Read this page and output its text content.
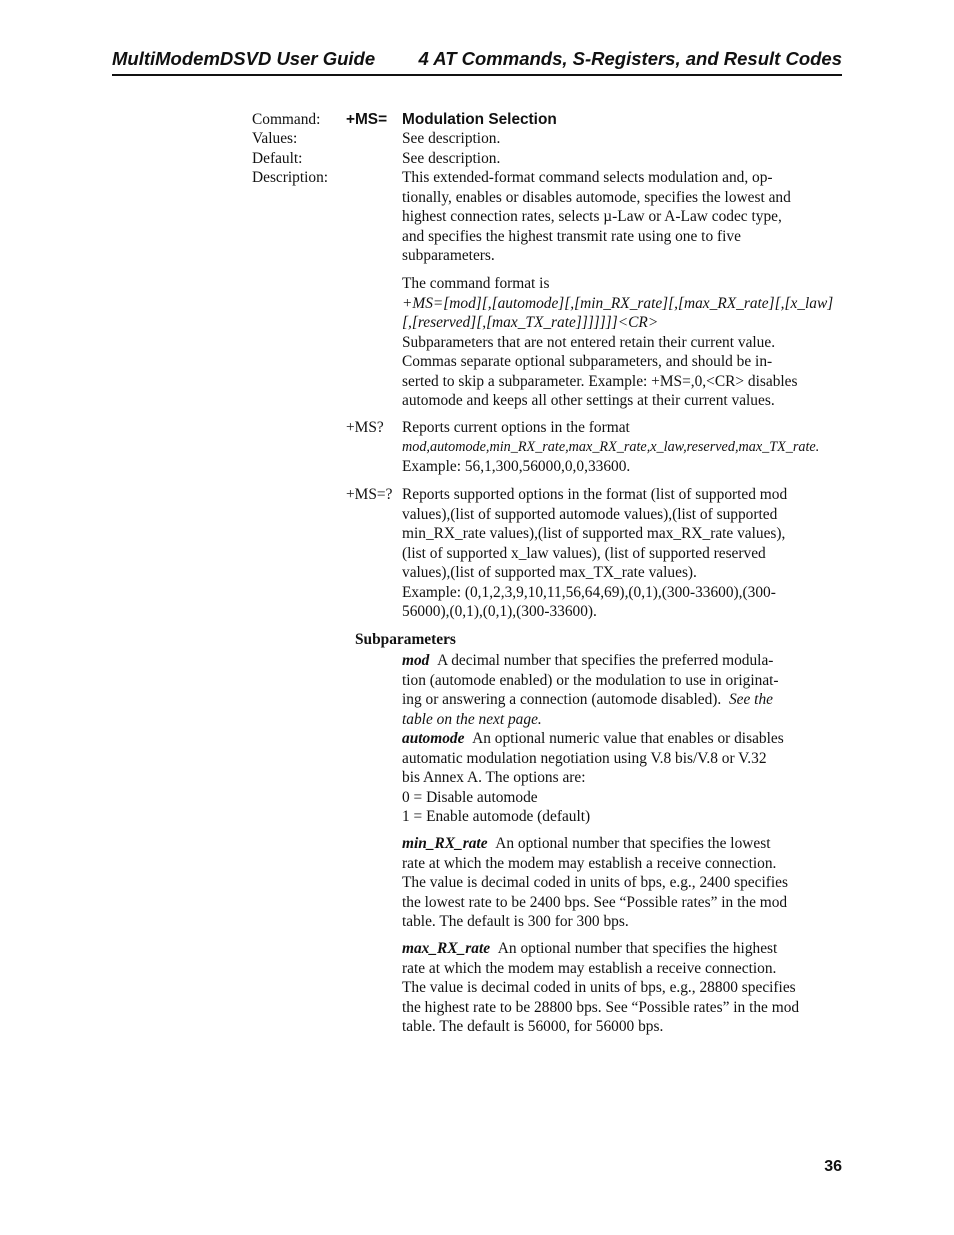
MultiModemDSVD User Guide 4 AT Commands, S-Registers, and Result Codes
Command: +MS= Modulation Selection
Values:	See description.
Default:	See description.
Description:	This extended-format command selects modulation and, op-
tionally, enables or disables automode, specifies the lowest and
highest connection rates, selects µ-Law or A-Law codec type,
and specifies the highest transmit rate using one to five
subparameters.
The command format is
+MS=[mod][,[automode][,[min_RX_rate][,[max_RX_rate][,[x_law]
[,[reserved][,[max_TX_rate]]]]]]]<CR>
Subparameters that are not entered retain their current value.
Commas separate optional subparameters, and should be in-
serted to skip a subparameter. Example: +MS=,0,<CR> disables
automode and keeps all other settings at their current values.
+MS? Reports current options in the format
mod,automode,min_RX_rate,max_RX_rate,x_law,reserved,max_TX_rate.
Example: 56,1,300,56000,0,0,33600.
+MS=? Reports supported options in the format (list of supported mod
values),(list of supported automode values),(list of supported
min_RX_rate values),(list of supported max_RX_rate values),
(list of supported x_law values), (list of supported reserved
values),(list of supported max_TX_rate values).
Example: (0,1,2,3,9,10,11,56,64,69),(0,1),(300-33600),(300-
56000),(0,1),(0,1),(300-33600).
Subparameters
mod A decimal number that specifies the preferred modula-
tion (automode enabled) or the modulation to use in originat-
ing or answering a connection (automode disabled). See the
table on the next page.
automode An optional numeric value that enables or disables
automatic modulation negotiation using V.8 bis/V.8 or V.32
bis Annex A. The options are:
0 = Disable automode
1 = Enable automode (default)
min_RX_rate An optional number that specifies the lowest
rate at which the modem may establish a receive connection.
The value is decimal coded in units of bps, e.g., 2400 specifies
the lowest rate to be 2400 bps. See “Possible rates” in the mod
table. The default is 300 for 300 bps.
max_RX_rate An optional number that specifies the highest
rate at which the modem may establish a receive connection.
The value is decimal coded in units of bps, e.g., 28800 specifies
the highest rate to be 28800 bps. See “Possible rates” in the mod
table. The default is 56000, for 56000 bps.
36
